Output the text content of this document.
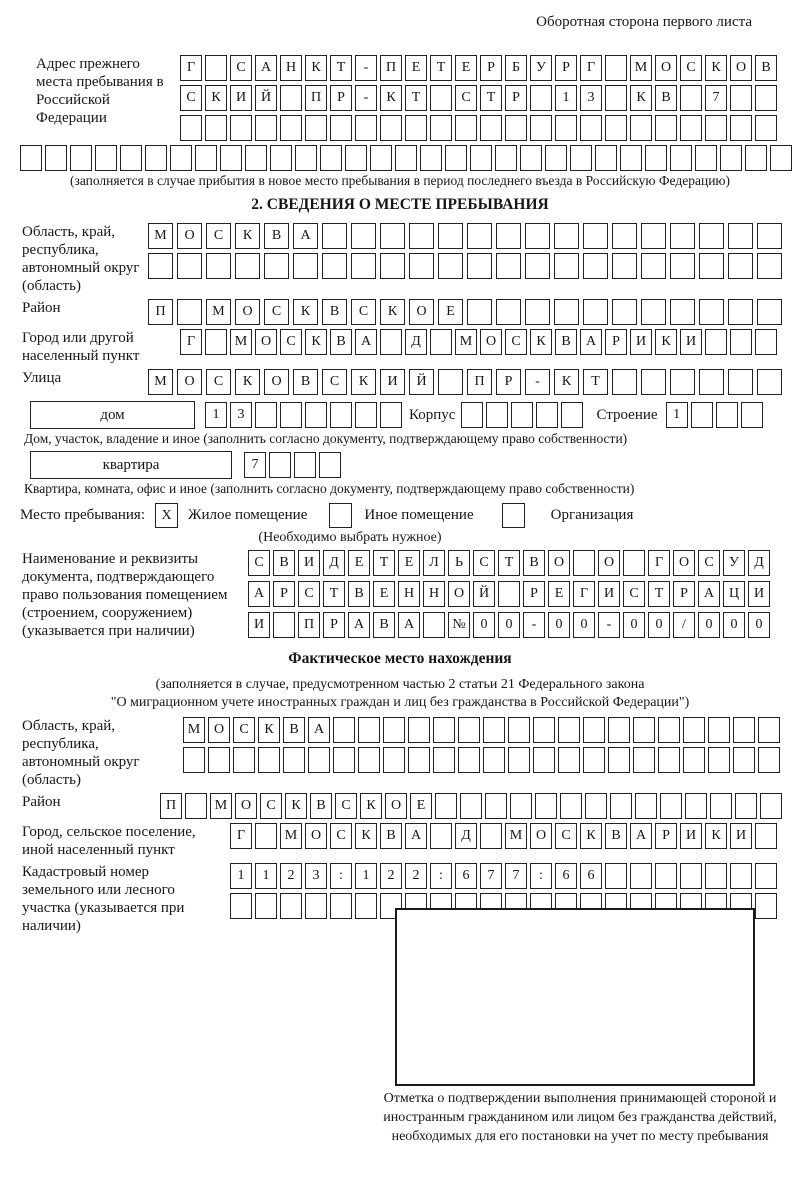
Оборотная сторона первого листа
Адрес прежнего места пребывания в Российской Федерации
Г	С	А	Н	К	Т	-	П	Е	Т	Е	Р	Б	У	Р	Г	М О	С	К	О	В
С	К	И	Й	П	Р	-	К	Т	С	Т	Р	1	3	К	В	7
(заполняется в случае прибытия в новое место пребывания в период последнего въезда в Российскую Федерацию)
2. СВЕДЕНИЯ О МЕСТЕ ПРЕБЫВАНИЯ
Область, край, республика, автономный округ (область)
М	О	С	К	В	А
Район	П	М	О	С	К	В	С	К	О	Е
Город или другой населенный пункт
Г	М О	С	К	В	А	Д	М О	С	К	В	А	Р	И	К	И
Улица	М	О	С	К	О	В	С	К	И	Й	П	Р	-	К	Т
дом	1	3	Корпус	Строение	1
Дом, участок, владение и иное (заполнить согласно документу, подтверждающему право собственности)
квартира	7
Квартира, комната, офис и иное (заполнить согласно документу, подтверждающему право собственности)
Место пребывания:	X	Жилое помещение	Иное помещение	Организация
(Необходимо выбрать нужное)
Наименование и реквизиты документа, подтверждающего право пользования помещением (строением, сооружением) (указывается при наличии)
С	В	И	Д	Е	Т	Е	Л	Ь	С	Т	В	О	О	Г	О	С	У	Д
А	Р	С	Т	В	Е	Н	Н	О	Й	Р	Е	Г	И	С	Т	Р	А	Ц	И
И	П	Р	А	В	А	№	0	0	-	0	0	-	0	0	/	0	0	0
Фактическое место нахождения
(заполняется в случае, предусмотренном частью 2 статьи 21 Федерального закона
"О миграционном учете иностранных граждан и лиц без гражданства в Российской Федерации")
Область, край, республика, автономный округ (область)
М О	С	К	В	А
Район	П	М О	С	К	В	С	К	О	Е
Город, сельское поселение, иной населенный пункт
Г	М О	С	К	В	А	Д	М О	С	К	В	А	Р	И	К	И
Кадастровый номер земельного или лесного участка (указывается при наличии)
1	1	2	3	:	1	2	2	:	6	7	7	:	6	6
Отметка о подтверждении выполнения принимающей стороной и иностранным гражданином или лицом без гражданства действий, необходимых для его постановки на учет по месту пребывания
